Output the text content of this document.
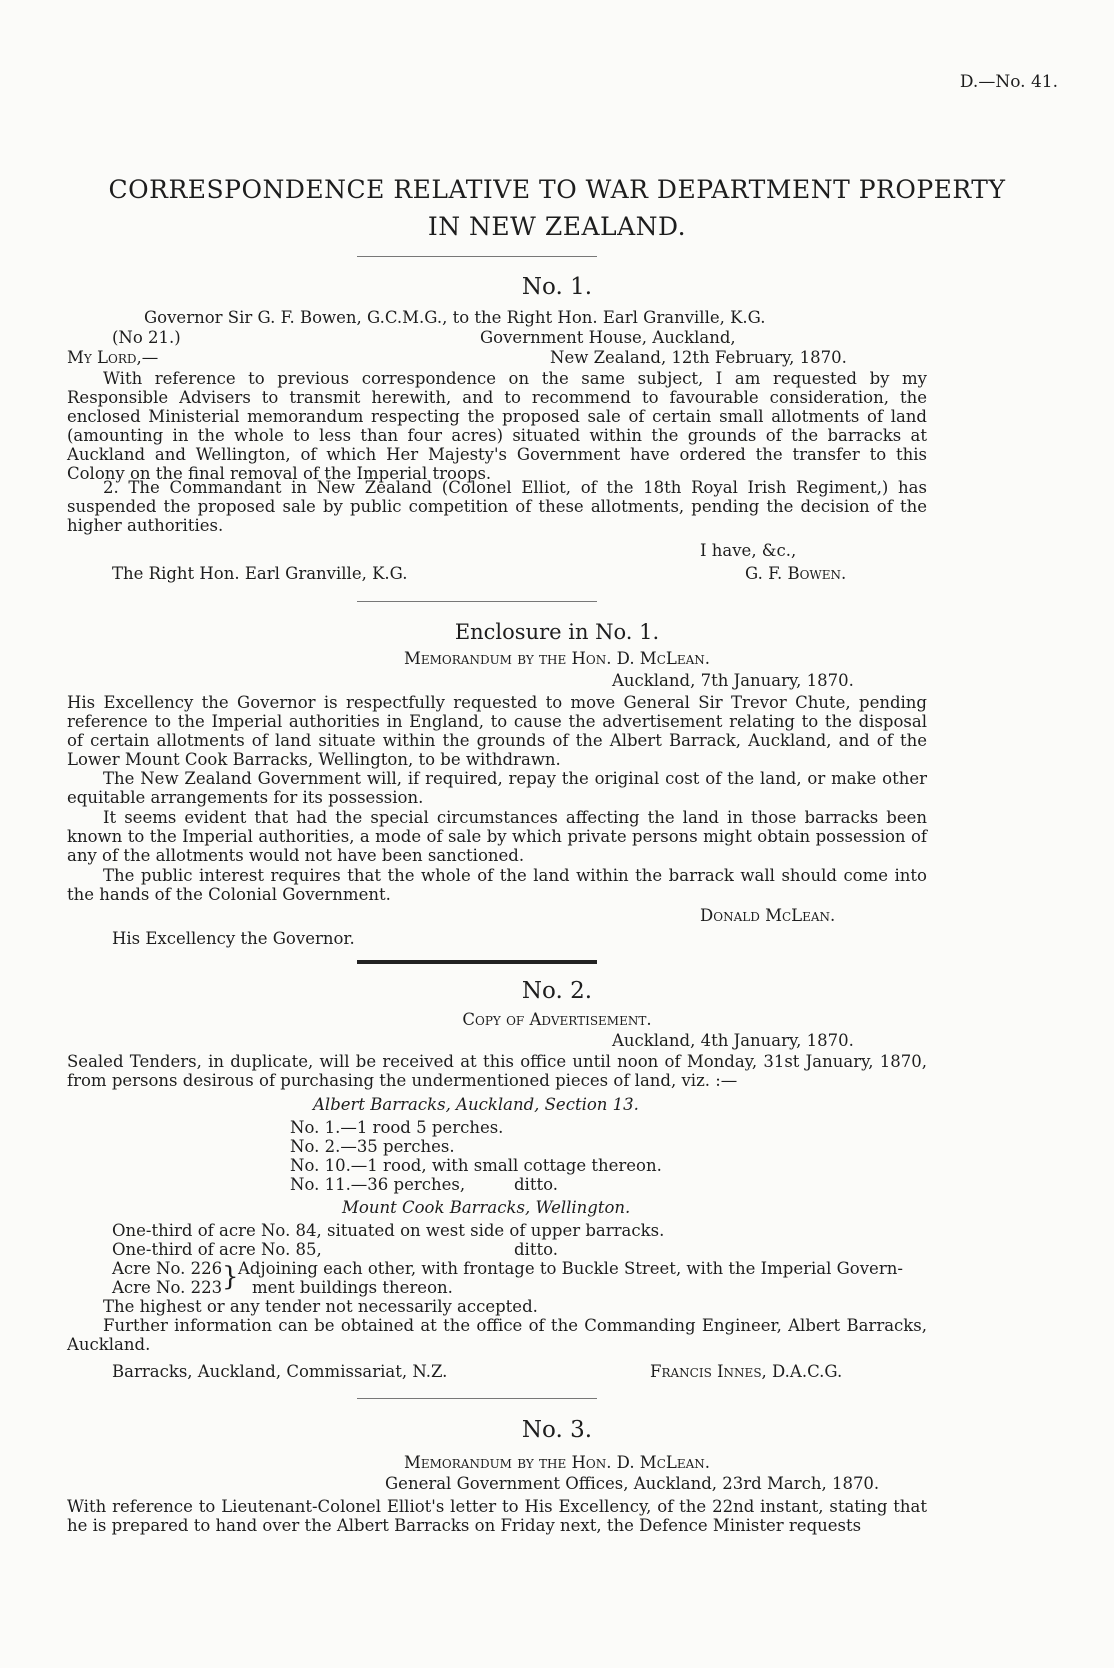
D.—No. 41.
CORRESPONDENCE RELATIVE TO WAR DEPARTMENT PROPERTY
IN NEW ZEALAND.
No. 1.
Governor Sir G. F. Bowen, G.C.M.G., to the Right Hon. Earl Granville, K.G.
(No 21.)	Government House, Auckland,
My Lord,—	New Zealand, 12th February, 1870.
With reference to previous correspondence on the same subject, I am requested by my Responsible Advisers to transmit herewith, and to recommend to favourable consideration, the enclosed Ministerial memorandum respecting the proposed sale of certain small allotments of land (amounting in the whole to less than four acres) situated within the grounds of the barracks at Auckland and Wellington, of which Her Majesty's Government have ordered the transfer to this Colony on the final removal of the Imperial troops.
2. The Commandant in New Zealand (Colonel Elliot, of the 18th Royal Irish Regiment,) has suspended the proposed sale by public competition of these allotments, pending the decision of the higher authorities.
I have, &c.,
The Right Hon. Earl Granville, K.G.	G. F. Bowen.
Enclosure in No. 1.
Memorandum by the Hon. D. McLean.
Auckland, 7th January, 1870.
His Excellency the Governor is respectfully requested to move General Sir Trevor Chute, pending reference to the Imperial authorities in England, to cause the advertisement relating to the disposal of certain allotments of land situate within the grounds of the Albert Barrack, Auckland, and of the Lower Mount Cook Barracks, Wellington, to be withdrawn.
The New Zealand Government will, if required, repay the original cost of the land, or make other equitable arrangements for its possession.
It seems evident that had the special circumstances affecting the land in those barracks been known to the Imperial authorities, a mode of sale by which private persons might obtain possession of any of the allotments would not have been sanctioned.
The public interest requires that the whole of the land within the barrack wall should come into the hands of the Colonial Government.
Donald McLean.
His Excellency the Governor.
No. 2.
Copy of Advertisement.
Auckland, 4th January, 1870.
Sealed Tenders, in duplicate, will be received at this office until noon of Monday, 31st January, 1870, from persons desirous of purchasing the undermentioned pieces of land, viz. :—
Albert Barracks, Auckland, Section 13.
No. 1.—1 rood 5 perches.
No. 2.—35 perches.
No. 10.—1 rood, with small cottage thereon.
No. 11.—36 perches,	ditto.
Mount Cook Barracks, Wellington.
One-third of acre No. 84, situated on west side of upper barracks.
One-third of acre No. 85,	ditto.
Acre No. 226
Acre No. 223 } Adjoining each other, with frontage to Buckle Street, with the Imperial Govern-
ment buildings thereon.
The highest or any tender not necessarily accepted.
Further information can be obtained at the office of the Commanding Engineer, Albert Barracks, Auckland.
Barracks, Auckland, Commissariat, N.Z.	Francis Innes, D.A.C.G.
No. 3.
Memorandum by the Hon. D. McLean.
General Government Offices, Auckland, 23rd March, 1870.
With reference to Lieutenant-Colonel Elliot's letter to His Excellency, of the 22nd instant, stating that he is prepared to hand over the Albert Barracks on Friday next, the Defence Minister requests
